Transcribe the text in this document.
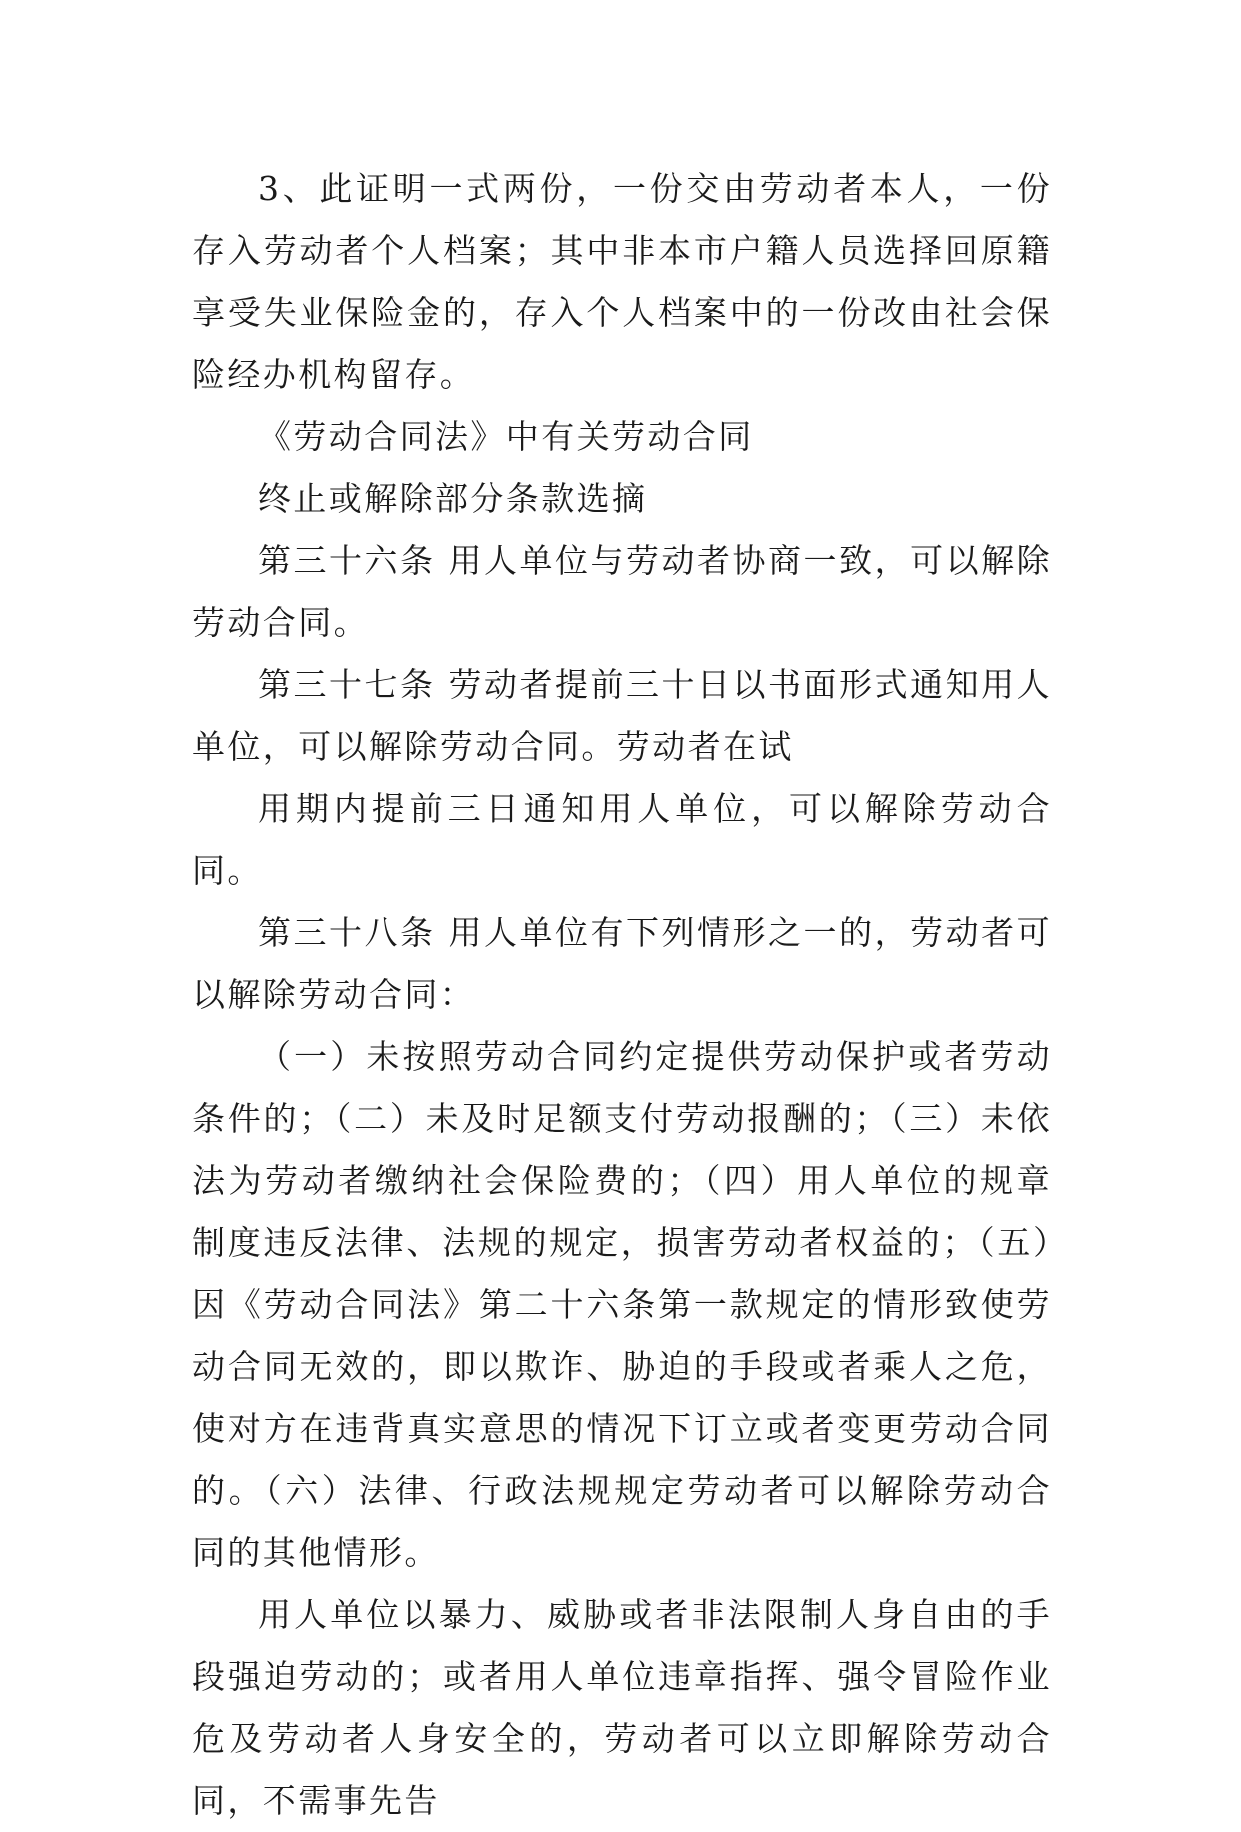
3、此证明一式两份，一份交由劳动者本人，一份存入劳动者个人档案；其中非本市户籍人员选择回原籍享受失业保险金的，存入个人档案中的一份改由社会保险经办机构留存。

《劳动合同法》中有关劳动合同

终止或解除部分条款选摘

第三十六条 用人单位与劳动者协商一致，可以解除劳动合同。

第三十七条 劳动者提前三十日以书面形式通知用人单位，可以解除劳动合同。劳动者在试

用期内提前三日通知用人单位，可以解除劳动合同。

第三十八条 用人单位有下列情形之一的，劳动者可以解除劳动合同：

（一）未按照劳动合同约定提供劳动保护或者劳动条件的；（二）未及时足额支付劳动报酬的；（三）未依法为劳动者缴纳社会保险费的；（四）用人单位的规章制度违反法律、法规的规定，损害劳动者权益的；（五）因《劳动合同法》第二十六条第一款规定的情形致使劳动合同无效的，即以欺诈、胁迫的手段或者乘人之危，使对方在违背真实意思的情况下订立或者变更劳动合同的。（六）法律、行政法规规定劳动者可以解除劳动合同的其他情形。

用人单位以暴力、威胁或者非法限制人身自由的手段强迫劳动的；或者用人单位违章指挥、强令冒险作业危及劳动者人身安全的，劳动者可以立即解除劳动合同，不需事先告
